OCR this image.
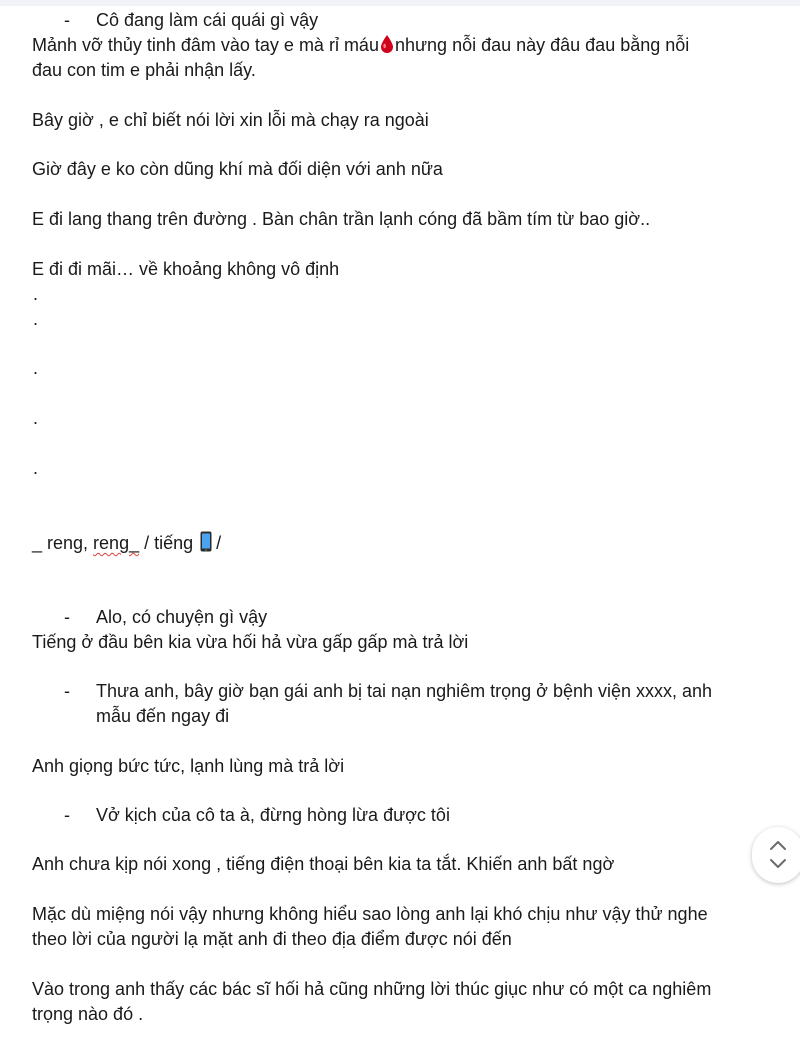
- Cô đang làm cái quái gì vậy
Mảnh vỡ thủy tinh đâm vào tay e mà rỉ máu nhưng nỗi đau này đâu đau bằng nỗi
đau con tim e phải nhận lấy.
Bây giờ , e chỉ biết nói lời xin lỗi mà chạy ra ngoài
Giờ đây e ko còn dũng khí mà đối diện với anh nữa
E đi lang thang trên đường . Bàn chân trần lạnh cóng đã bầm tím từ bao giờ..
E đi đi mãi… về khoảng không vô định
.
.
.
.
.
_ reng, reng_ / tiếng /
- Alo, có chuyện gì vậy
Tiếng ở đầu bên kia vừa hối hả vừa gấp gấp mà trả lời
- Thưa anh, bây giờ bạn gái anh bị tai nạn nghiêm trọng ở bệnh viện xxxx, anh
mẫu đến ngay đi
Anh giọng bức tức, lạnh lùng mà trả lời
- Vở kịch của cô ta à, đừng hòng lừa được tôi
Anh chưa kịp nói xong , tiếng điện thoại bên kia ta tắt. Khiến anh bất ngờ
Mặc dù miệng nói vậy nhưng không hiểu sao lòng anh lại khó chịu như vậy thử nghe
theo lời của người lạ mặt anh đi theo địa điểm được nói đến
Vào trong anh thấy các bác sĩ hối hả cũng những lời thúc giục như có một ca nghiêm
trọng nào đó .
